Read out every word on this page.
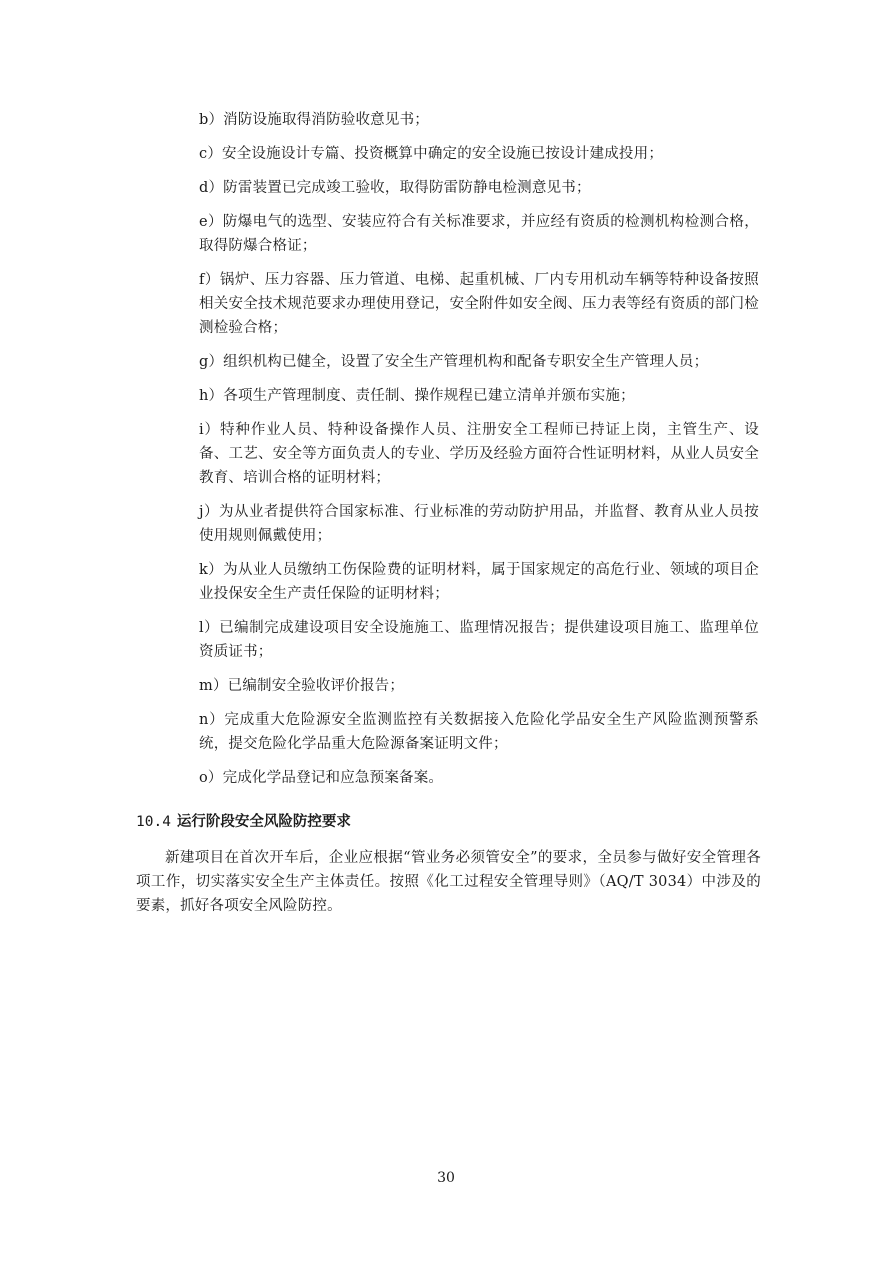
b）消防设施取得消防验收意见书；

c）安全设施设计专篇、投资概算中确定的安全设施已按设计建成投用；

d）防雷装置已完成竣工验收，取得防雷防静电检测意见书；

e）防爆电气的选型、安装应符合有关标准要求，并应经有资质的检测机构检测合格，取得防爆合格证；

f）锅炉、压力容器、压力管道、电梯、起重机械、厂内专用机动车辆等特种设备按照相关安全技术规范要求办理使用登记，安全附件如安全阀、压力表等经有资质的部门检测检验合格；

g）组织机构已健全，设置了安全生产管理机构和配备专职安全生产管理人员；

h）各项生产管理制度、责任制、操作规程已建立清单并颁布实施；

i）特种作业人员、特种设备操作人员、注册安全工程师已持证上岗，主管生产、设备、工艺、安全等方面负责人的专业、学历及经验方面符合性证明材料，从业人员安全教育、培训合格的证明材料；

j）为从业者提供符合国家标准、行业标准的劳动防护用品，并监督、教育从业人员按使用规则佩戴使用；

k）为从业人员缴纳工伤保险费的证明材料，属于国家规定的高危行业、领域的项目企业投保安全生产责任保险的证明材料；

l）已编制完成建设项目安全设施施工、监理情况报告；提供建设项目施工、监理单位资质证书；

m）已编制安全验收评价报告；

n）完成重大危险源安全监测监控有关数据接入危险化学品安全生产风险监测预警系统，提交危险化学品重大危险源备案证明文件；

o）完成化学品登记和应急预案备案。

10.4 运行阶段安全风险防控要求

新建项目在首次开车后，企业应根据“管业务必须管安全”的要求，全员参与做好安全管理各项工作，切实落实安全生产主体责任。按照《化工过程安全管理导则》（AQ/T 3034）中涉及的要素，抓好各项安全风险防控。

30
